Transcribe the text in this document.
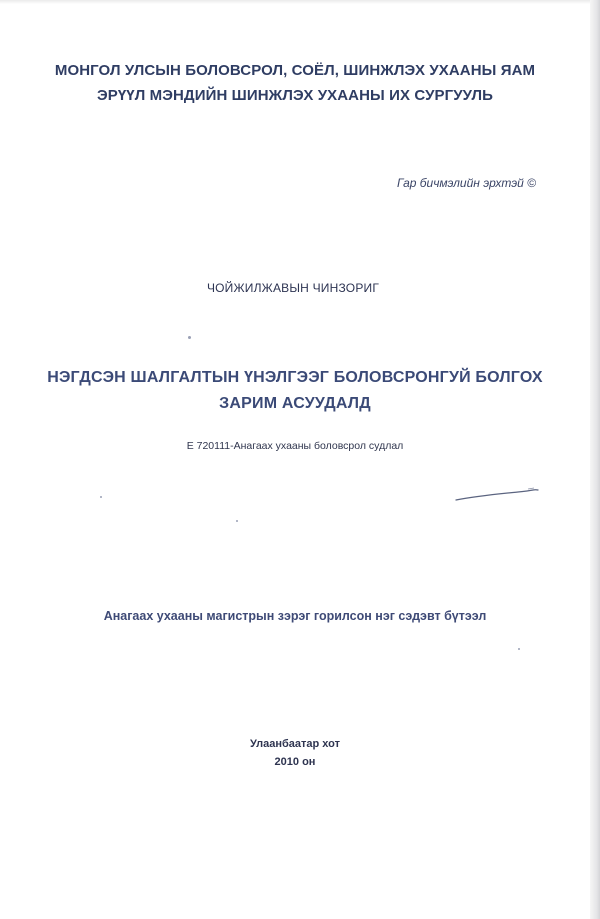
МОНГОЛ УЛСЫН БОЛОВСРОЛ, СОЁЛ, ШИНЖЛЭХ УХААНЫ ЯАМ
ЭРҮҮЛ МЭНДИЙН ШИНЖЛЭХ УХААНЫ ИХ СУРГУУЛЬ
Гар бичмэлийн эрхтэй ©
ЧОЙЖИЛЖАВЫН ЧИНЗОРИГ
НЭГДСЭН ШАЛГАЛТЫН ҮНЭЛГЭЭГ БОЛОВСРОНГУЙ БОЛГОХ
ЗАРИМ АСУУДАЛД
Е 720111-Анагаах ухааны боловсрол судлал
Анагаах ухааны магистрын зэрэг горилсон нэг сэдэвт бүтээл
Улаанбаатар хот
2010 он
